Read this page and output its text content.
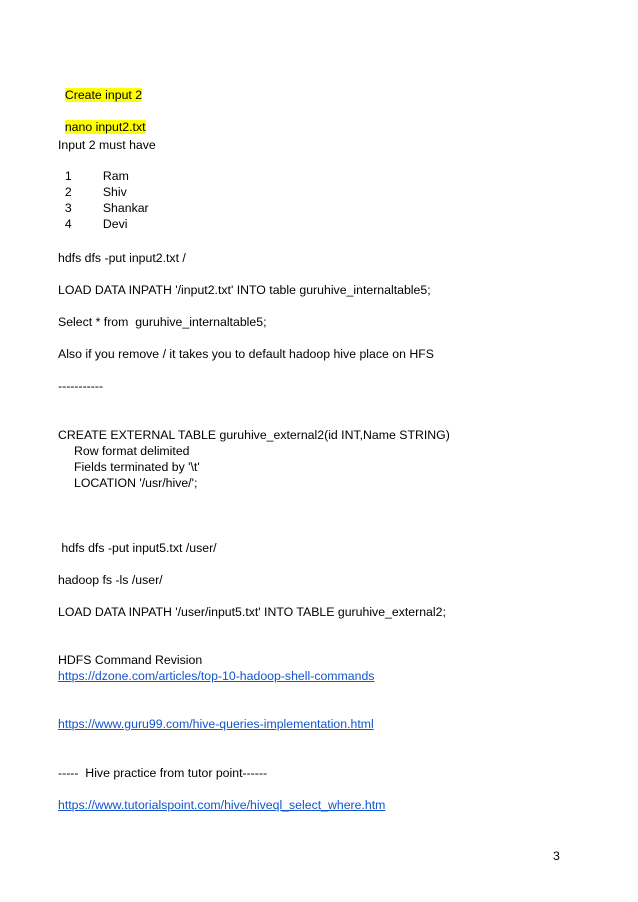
Create input 2

nano input2.txt

Input 2 must have

1	Ram

2	Shiv

3	Shankar

4	Devi

hdfs dfs -put input2.txt /
LOAD DATA INPATH '/input2.txt' INTO table guruhive_internaltable5;
Select * from  guruhive_internaltable5;
Also if you remove / it takes you to default hadoop hive place on HFS
-----------
CREATE EXTERNAL TABLE guruhive_external2(id INT,Name STRING)
Row format delimited
Fields terminated by '\t'
LOCATION '/usr/hive/';
hdfs dfs -put input5.txt /user/
hadoop fs -ls /user/
LOAD DATA INPATH '/user/input5.txt' INTO TABLE guruhive_external2;
HDFS Command Revision
https://dzone.com/articles/top-10-hadoop-shell-commands
https://www.guru99.com/hive-queries-implementation.html
-----  Hive practice from tutor point------
https://www.tutorialspoint.com/hive/hiveql_select_where.htm
3
